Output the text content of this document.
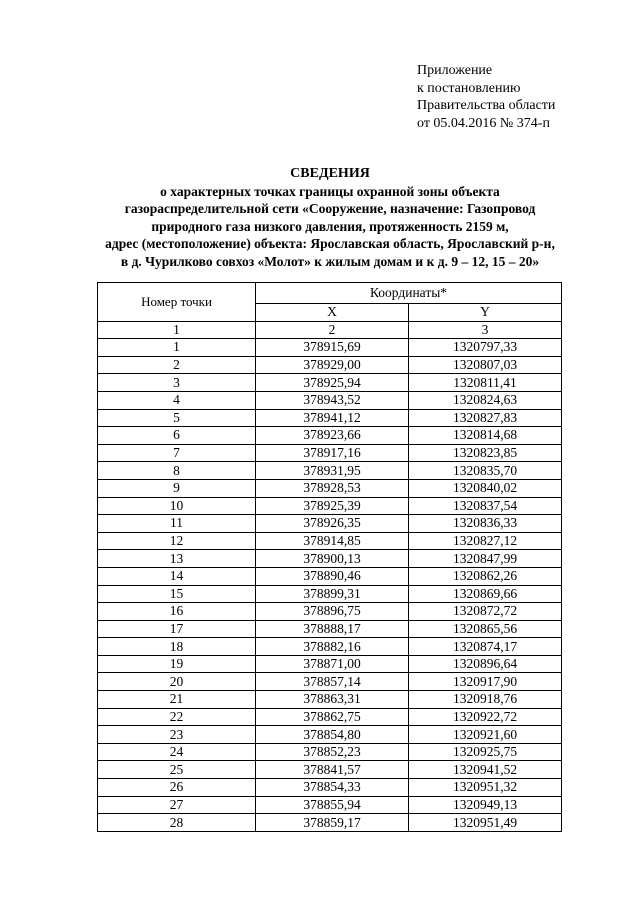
Приложение
к постановлению
Правительства области
от 05.04.2016 № 374-п
СВЕДЕНИЯ
о характерных точках границы охранной зоны объекта
газораспределительной сети «Сооружение, назначение: Газопровод
природного газа низкого давления, протяженность 2159 м,
адрес (местоположение) объекта: Ярославская область, Ярославский р-н,
в д. Чурилково совхоз «Молот» к жилым домам и к д. 9 – 12, 15 – 20»
Номер точки	Координаты*	
	X	Y
1	2	3
1	378915,69	1320797,33
2	378929,00	1320807,03
3	378925,94	1320811,41
4	378943,52	1320824,63
5	378941,12	1320827,83
6	378923,66	1320814,68
7	378917,16	1320823,85
8	378931,95	1320835,70
9	378928,53	1320840,02
10	378925,39	1320837,54
11	378926,35	1320836,33
12	378914,85	1320827,12
13	378900,13	1320847,99
14	378890,46	1320862,26
15	378899,31	1320869,66
16	378896,75	1320872,72
17	378888,17	1320865,56
18	378882,16	1320874,17
19	378871,00	1320896,64
20	378857,14	1320917,90
21	378863,31	1320918,76
22	378862,75	1320922,72
23	378854,80	1320921,60
24	378852,23	1320925,75
25	378841,57	1320941,52
26	378854,33	1320951,32
27	378855,94	1320949,13
28	378859,17	1320951,49
